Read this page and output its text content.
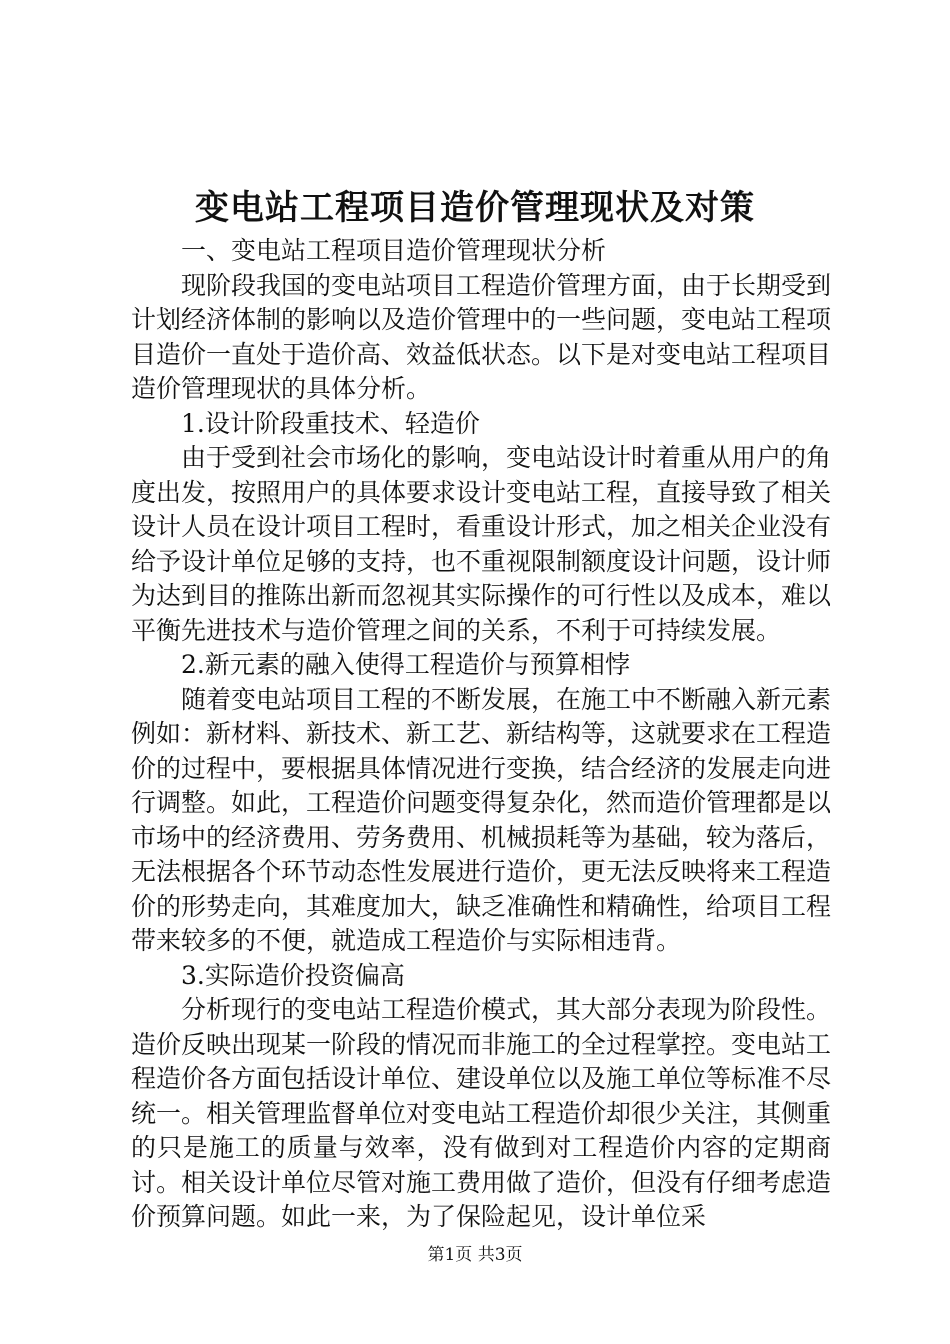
变电站工程项目造价管理现状及对策

一、变电站工程项目造价管理现状分析

现阶段我国的变电站项目工程造价管理方面，由于长期受到计划经济体制的影响以及造价管理中的一些问题，变电站工程项目造价一直处于造价高、效益低状态。以下是对变电站工程项目造价管理现状的具体分析。

1.设计阶段重技术、轻造价

由于受到社会市场化的影响，变电站设计时着重从用户的角度出发，按照用户的具体要求设计变电站工程，直接导致了相关设计人员在设计项目工程时，看重设计形式，加之相关企业没有给予设计单位足够的支持，也不重视限制额度设计问题，设计师为达到目的推陈出新而忽视其实际操作的可行性以及成本，难以平衡先进技术与造价管理之间的关系，不利于可持续发展。

2.新元素的融入使得工程造价与预算相悖

随着变电站项目工程的不断发展，在施工中不断融入新元素例如：新材料、新技术、新工艺、新结构等，这就要求在工程造价的过程中，要根据具体情况进行变换，结合经济的发展走向进行调整。如此，工程造价问题变得复杂化，然而造价管理都是以市场中的经济费用、劳务费用、机械损耗等为基础，较为落后，无法根据各个环节动态性发展进行造价，更无法反映将来工程造价的形势走向，其难度加大，缺乏准确性和精确性，给项目工程带来较多的不便，就造成工程造价与实际相违背。

3.实际造价投资偏高

分析现行的变电站工程造价模式，其大部分表现为阶段性。造价反映出现某一阶段的情况而非施工的全过程掌控。变电站工程造价各方面包括设计单位、建设单位以及施工单位等标准不尽统一。相关管理监督单位对变电站工程造价却很少关注，其侧重的只是施工的质量与效率，没有做到对工程造价内容的定期商讨。相关设计单位尽管对施工费用做了造价，但没有仔细考虑造价预算问题。如此一来，为了保险起见，设计单位采

第1页 共3页
